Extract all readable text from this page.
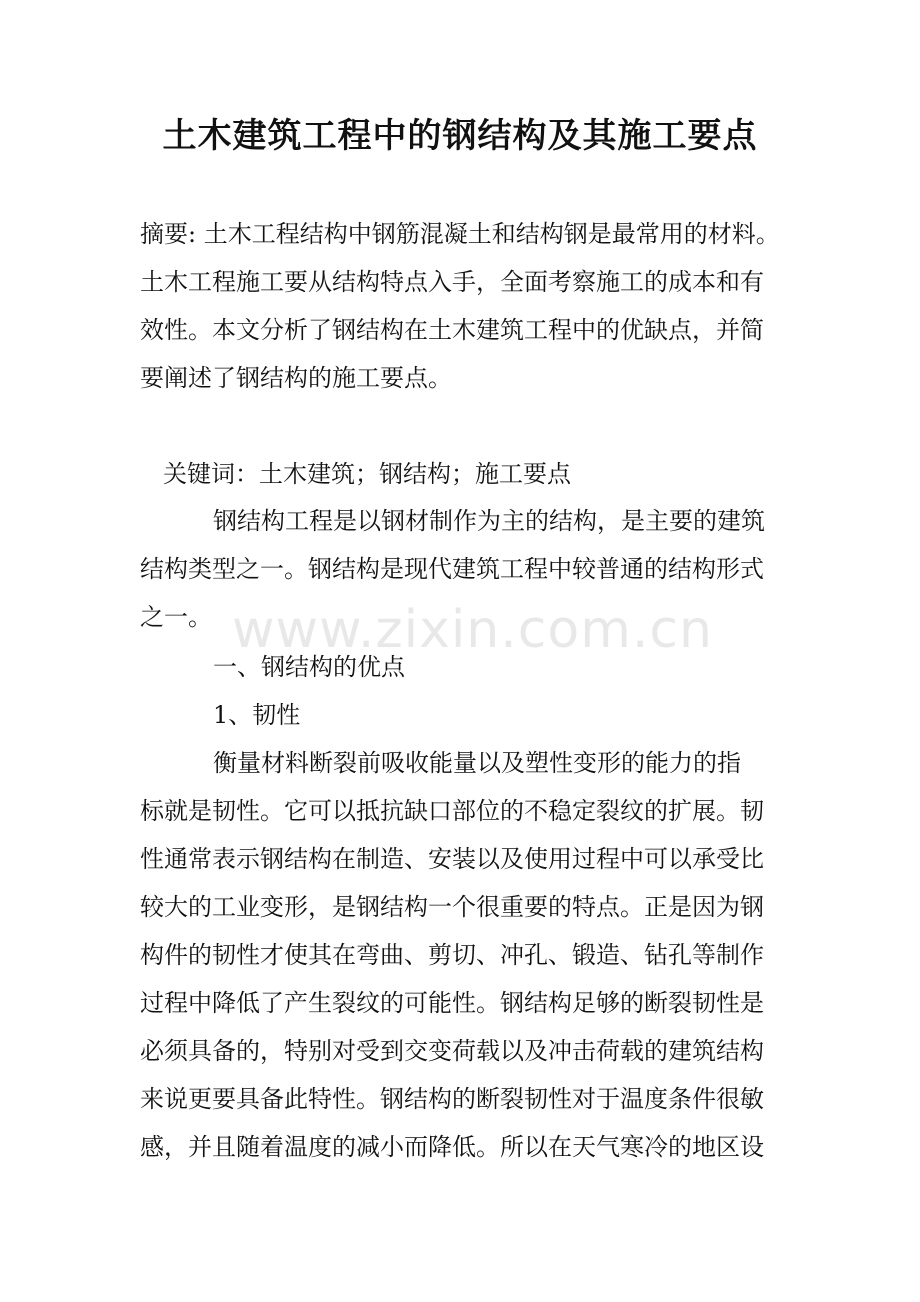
土木建筑工程中的钢结构及其施工要点
摘要: 土木工程结构中钢筋混凝土和结构钢是最常用的材料。
土木工程施工要从结构特点入手，全面考察施工的成本和有
效性。本文分析了钢结构在土木建筑工程中的优缺点，并简
要阐述了钢结构的施工要点。
关键词：土木建筑；钢结构；施工要点
钢结构工程是以钢材制作为主的结构，是主要的建筑
结构类型之一。钢结构是现代建筑工程中较普通的结构形式
之一。 www.zixin.com.cn
一、钢结构的优点
1、韧性
衡量材料断裂前吸收能量以及塑性变形的能力的指
标就是韧性。它可以抵抗缺口部位的不稳定裂纹的扩展。韧
性通常表示钢结构在制造、安装以及使用过程中可以承受比
较大的工业变形，是钢结构一个很重要的特点。正是因为钢
构件的韧性才使其在弯曲、剪切、冲孔、锻造、钻孔等制作
过程中降低了产生裂纹的可能性。钢结构足够的断裂韧性是
必须具备的，特别对受到交变荷载以及冲击荷载的建筑结构
来说更要具备此特性。钢结构的断裂韧性对于温度条件很敏
感，并且随着温度的减小而降低。所以在天气寒冷的地区设
